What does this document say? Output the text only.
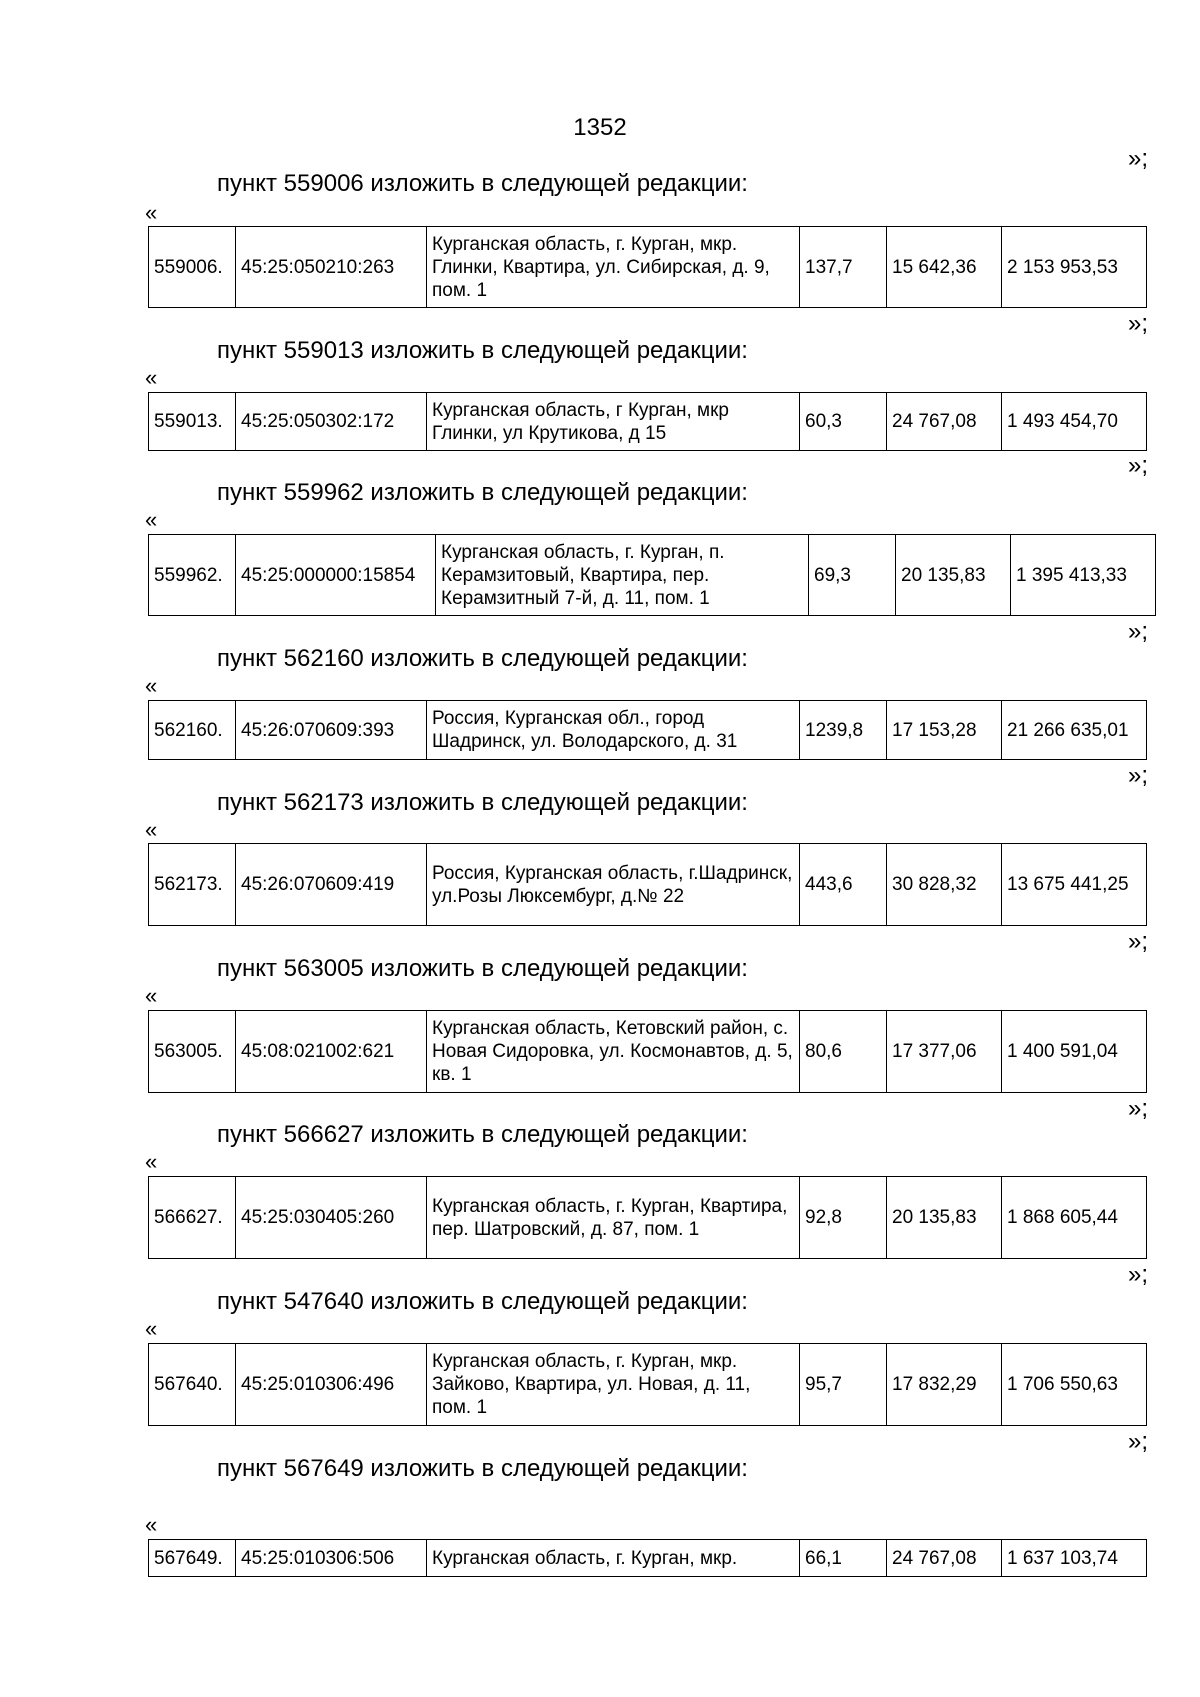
1352
»;
пункт 559006 изложить в следующей редакции:
«
559006.	45:25:050210:263	Курганская область, г. Курган, мкр. Глинки, Квартира, ул. Сибирская, д. 9, пом. 1	137,7	15 642,36	2 153 953,53
»;
пункт 559013 изложить в следующей редакции:
«
559013.	45:25:050302:172	Курганская область, г Курган, мкр Глинки, ул Крутикова, д 15	60,3	24 767,08	1 493 454,70
»;
пункт 559962 изложить в следующей редакции:
«
559962.	45:25:000000:15854	Курганская область, г. Курган, п. Керамзитовый, Квартира, пер. Керамзитный 7-й, д. 11, пом. 1	69,3	20 135,83	1 395 413,33
»;
пункт 562160 изложить в следующей редакции:
«
562160.	45:26:070609:393	Россия, Курганская обл., город Шадринск, ул. Володарского, д. 31	1239,8	17 153,28	21 266 635,01
»;
пункт 562173 изложить в следующей редакции:
«
562173.	45:26:070609:419	Россия, Курганская область, г.Шадринск, ул.Розы Люксембург, д.№ 22	443,6	30 828,32	13 675 441,25
»;
пункт 563005 изложить в следующей редакции:
«
563005.	45:08:021002:621	Курганская область, Кетовский район, с. Новая Сидоровка, ул. Космонавтов, д. 5, кв. 1	80,6	17 377,06	1 400 591,04
»;
пункт 566627 изложить в следующей редакции:
«
566627.	45:25:030405:260	Курганская область, г. Курган, Квартира, пер. Шатровский, д. 87, пом. 1	92,8	20 135,83	1 868 605,44
»;
пункт 547640 изложить в следующей редакции:
«
567640.	45:25:010306:496	Курганская область, г. Курган, мкр. Зайково, Квартира, ул. Новая, д. 11, пом. 1	95,7	17 832,29	1 706 550,63
»;
пункт 567649 изложить в следующей редакции:
«
567649.	45:25:010306:506	Курганская область, г. Курган, мкр.	66,1	24 767,08	1 637 103,74
